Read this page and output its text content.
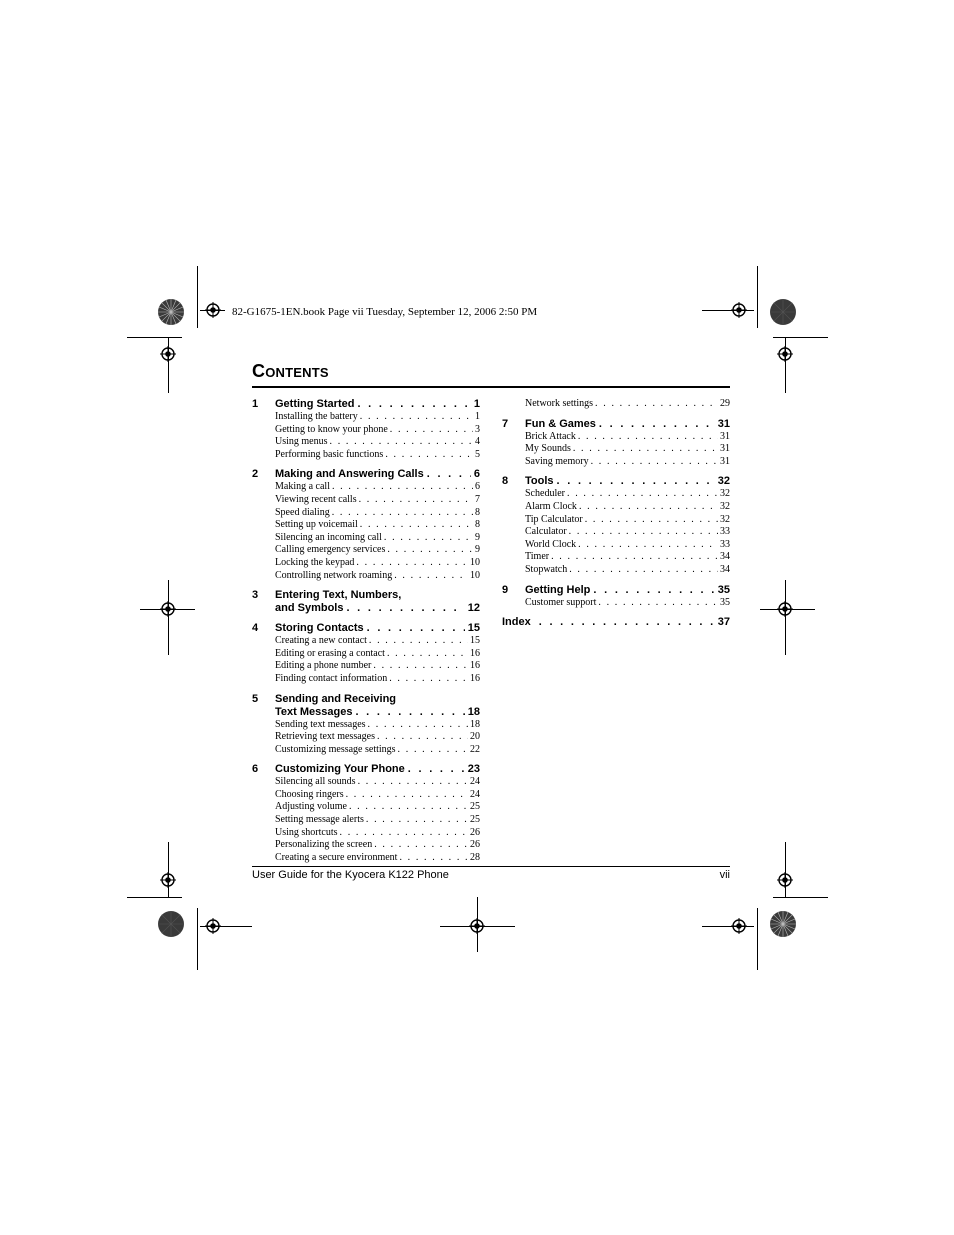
82-G1675-1EN.book Page vii Tuesday, September 12, 2006 2:50 PM
CONTENTS
1 Getting Started . . .	1
Installing the battery . . .	1
Getting to know your phone . . .	3
Using menus . . .	4
Performing basic functions . . .	5
2 Making and Answering Calls . . .	6
Making a call . . .	6
Viewing recent calls . . .	7
Speed dialing . . .	8
Setting up voicemail . . .	8
Silencing an incoming call . . .	9
Calling emergency services . . .	9
Locking the keypad . . .	10
Controlling network roaming . . .	10
3 Entering Text, Numbers,
and Symbols . . .	12
4 Storing Contacts . . .	15
Creating a new contact . . .	15
Editing or erasing a contact . . .	16
Editing a phone number . . .	16
Finding contact information . . .	16
5 Sending and Receiving
Text Messages . . .	18
Sending text messages . . .	18
Retrieving text messages . . .	20
Customizing message settings . . .	22
6 Customizing Your Phone . . .	23
Silencing all sounds . . .	24
Choosing ringers . . .	24
Adjusting volume . . .	25
Setting message alerts . . .	25
Using shortcuts . . .	26
Personalizing the screen . . .	26
Creating a secure environment . . .	28
Network settings . . .	29
7 Fun & Games . . .	31
Brick Attack . . .	31
My Sounds . . .	31
Saving memory . . .	31
8 Tools . . .	32
Scheduler . . .	32
Alarm Clock . . .	32
Tip Calculator . . .	32
Calculator . . .	33
World Clock . . .	33
Timer . . .	34
Stopwatch . . .	34
9 Getting Help . . .	35
Customer support . . .	35
Index . . .	37
User Guide for the Kyocera K122 Phone	vii
